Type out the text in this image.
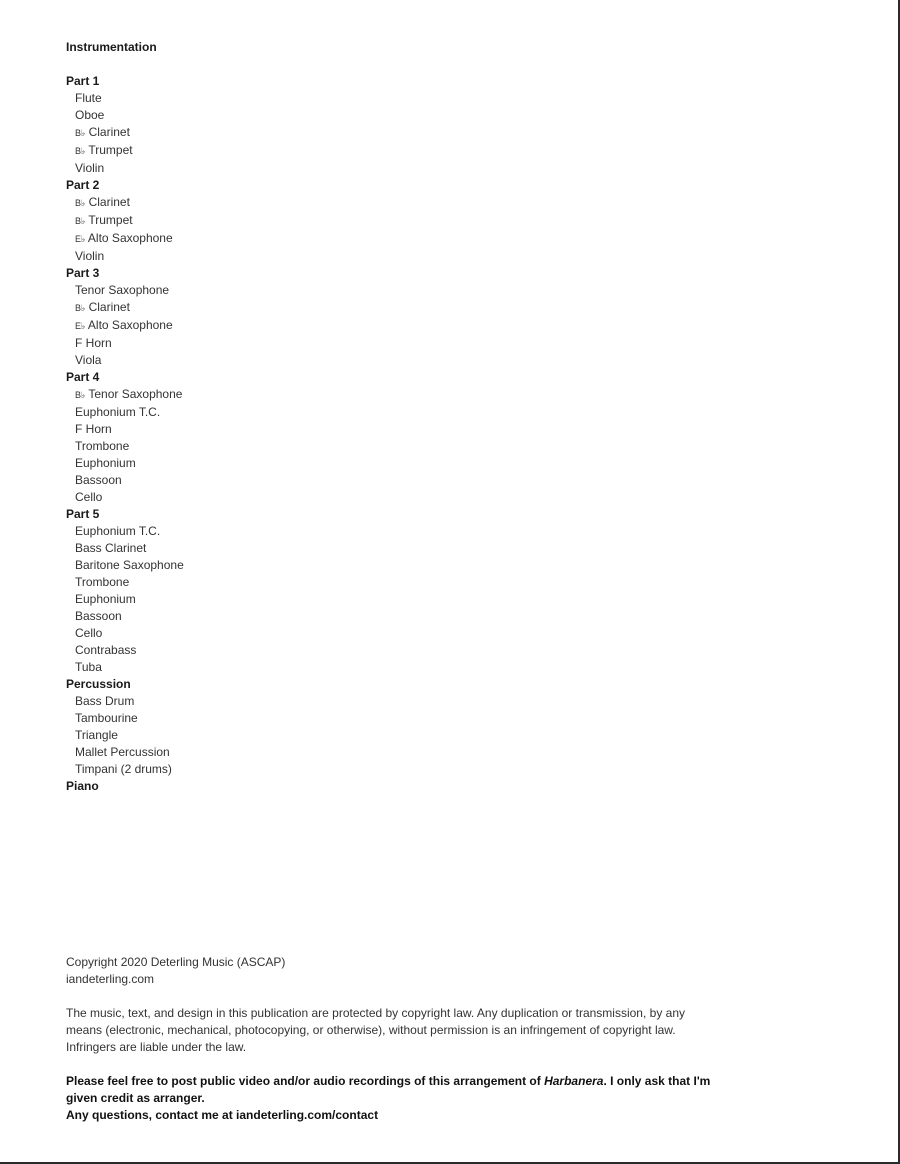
Instrumentation
Part 1
Flute
Oboe
B♭ Clarinet
B♭ Trumpet
Violin
Part 2
B♭ Clarinet
B♭ Trumpet
E♭ Alto Saxophone
Violin
Part 3
Tenor Saxophone
B♭ Clarinet
E♭ Alto Saxophone
F Horn
Viola
Part 4
B♭ Tenor Saxophone
Euphonium T.C.
F Horn
Trombone
Euphonium
Bassoon
Cello
Part 5
Euphonium T.C.
Bass Clarinet
Baritone Saxophone
Trombone
Euphonium
Bassoon
Cello
Contrabass
Tuba
Percussion
Bass Drum
Tambourine
Triangle
Mallet Percussion
Timpani (2 drums)
Piano
Copyright 2020 Deterling Music (ASCAP)
iandeterling.com
The music, text, and design in this publication are protected by copyright law. Any duplication or transmission, by any means (electronic, mechanical, photocopying, or otherwise), without permission is an infringement of copyright law. Infringers are liable under the law.
Please feel free to post public video and/or audio recordings of this arrangement of Harbanera. I only ask that I'm given credit as arranger.
Any questions, contact me at iandeterling.com/contact
